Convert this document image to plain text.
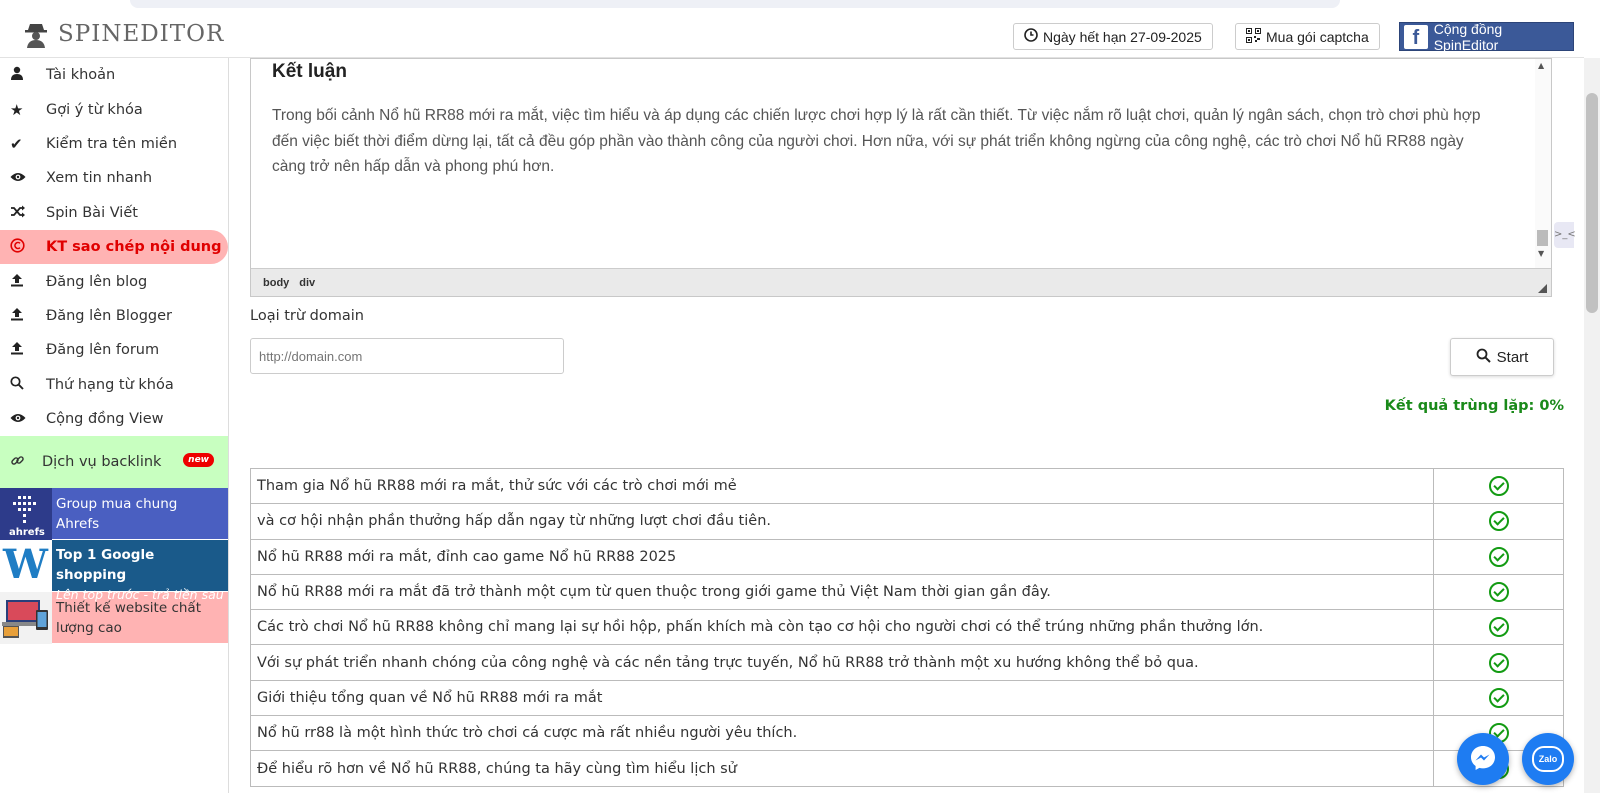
SPINEDITOR	Ngày hết hạn 27-09-2025	Mua gói captcha	f	Cộng đồng SpinEditor
Tài khoản
★	Gợi ý từ khóa
✔	Kiểm tra tên miền
Xem tin nhanh
Spin Bài Viết
KT sao chép nội dung
Đăng lên blog
Đăng lên Blogger
Đăng lên forum
Thứ hạng từ khóa
Cộng đồng View
Dịch vụ backlink	new
ahrefs
Group mua chung Ahrefs
W Top 1 Google shopping
Lên top trước - trả tiền sau
Thiết kế website chất lượng cao
Kết luận

Trong bối cảnh Nổ hũ RR88 mới ra mắt, việc tìm hiểu và áp dụng các chiến lược chơi hợp lý là rất cần thiết. Từ việc nắm rõ luật chơi, quản lý ngân sách, chọn trò chơi phù hợp đến việc biết thời điểm dừng lại, tất cả đều góp phần vào thành công của người chơi. Hơn nữa, với sự phát triển không ngừng của công nghệ, các trò chơi Nổ hũ RR88 ngày càng trở nên hấp dẫn và phong phú hơn.

▲
▼
body div
Loại trừ domain
http://domain.com
Start
Kết quả trùng lặp: 0%
Tham gia Nổ hũ RR88 mới ra mắt, thử sức với các trò chơi mới mẻ	
và cơ hội nhận phần thưởng hấp dẫn ngay từ những lượt chơi đầu tiên.	
Nổ hũ RR88 mới ra mắt, đỉnh cao game Nổ hũ RR88 2025	
Nổ hũ RR88 mới ra mắt đã trở thành một cụm từ quen thuộc trong giới game thủ Việt Nam thời gian gần đây.	
Các trò chơi Nổ hũ RR88 không chỉ mang lại sự hồi hộp, phấn khích mà còn tạo cơ hội cho người chơi có thể trúng những phần thưởng lớn.	
Với sự phát triển nhanh chóng của công nghệ và các nền tảng trực tuyến, Nổ hũ RR88 trở thành một xu hướng không thể bỏ qua.	
Giới thiệu tổng quan về Nổ hũ RR88 mới ra mắt	
Nổ hũ rr88 là một hình thức trò chơi cá cược mà rất nhiều người yêu thích.	
Để hiểu rõ hơn về Nổ hũ RR88, chúng ta hãy cùng tìm hiểu lịch sử	
>_<
Zalo
